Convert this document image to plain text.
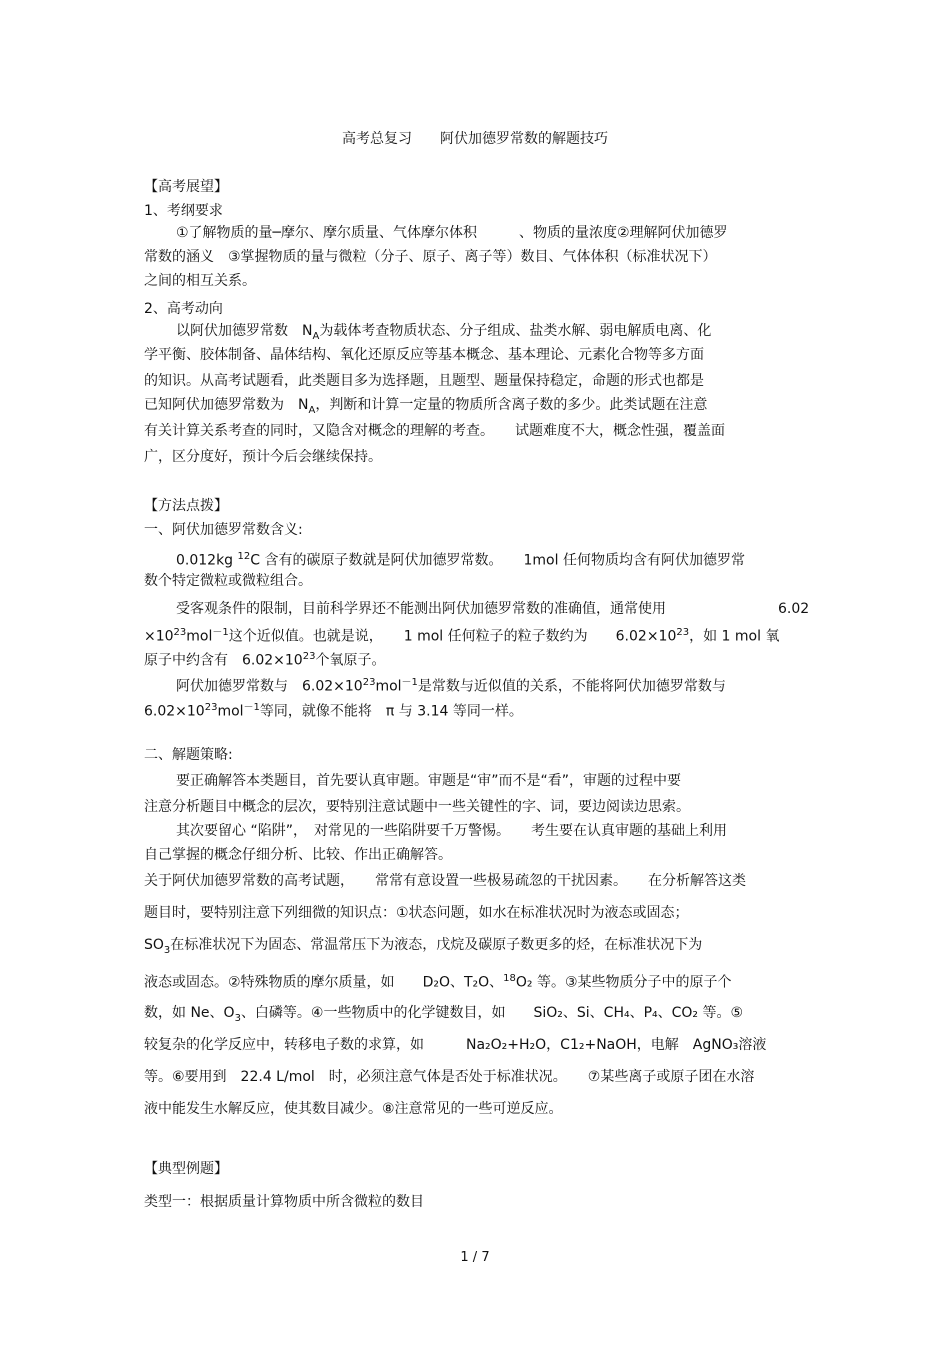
高考总复习　　阿伏加德罗常数的解题技巧
【高考展望】
1、考纲要求
①了解物质的量─摩尔、摩尔质量、气体摩尔体积　　　、物质的量浓度②理解阿伏加德罗
常数的涵义　③掌握物质的量与微粒（分子、原子、离子等）数目、气体体积（标准状况下）
之间的相互关系。
2、高考动向
以阿伏加德罗常数　$N_A$为载体考查物质状态、分子组成、盐类水解、弱电解质电离、化
学平衡、胶体制备、晶体结构、氧化还原反应等基本概念、基本理论、元素化合物等多方面
的知识。从高考试题看，此类题目多为选择题，且题型、题量保持稳定，命题的形式也都是
已知阿伏加德罗常数为　$N_A$，判断和计算一定量的物质所含离子数的多少。此类试题在注意
有关计算关系考查的同时，又隐含对概念的理解的考查。　　试题难度不大，概念性强，覆盖面
广，区分度好，预计今后会继续保持。
【方法点拨】
一、阿伏加德罗常数含义:
0.012kg $^{12}$C 含有的碳原子数就是阿伏加德罗常数。　　1mol 任何物质均含有阿伏加德罗常
数个特定微粒或微粒组合。
受客观条件的限制，目前科学界还不能测出阿伏加德罗常数的准确值，通常使用	6.02
$\times 10^{23}mol^{-1}$这个近似值。也就是说，　　1 mol 任何粒子的粒子数约为　　$6.02\times 10^{23}$，如 1 mol 氧
原子中约含有　 $6.02\times 10^{23}$个氧原子。
阿伏加德罗常数与　 $6.02\times 10^{23}mol^{-1}$是常数与近似值的关系，不能将阿伏加德罗常数与
$6.02\times 10^{23}mol^{-1}$等同，就像不能将　π 与 3.14 等同一样。
二、解题策略:
要正确解答本类题目，首先要认真审题。审题是“审”而不是“看”，审题的过程中要
注意分析题目中概念的层次，要特别注意试题中一些关键性的字、词，要边阅读边思索。
其次要留心 “陷阱”，　对常见的一些陷阱要千万警惕。　　考生要在认真审题的基础上利用
自己掌握的概念仔细分析、比较、作出正确解答。
关于阿伏加德罗常数的高考试题，　　常常有意设置一些极易疏忽的干扰因素。　　在分析解答这类
题目时，要特别注意下列细微的知识点：①状态问题，如水在标准状况时为液态或固态；
$SO_3$在标准状况下为固态、常温常压下为液态，戊烷及碳原子数更多的烃，在标准状况下为
液态或固态。②特殊物质的摩尔质量，如　　 D₂O、T₂O、$^{18}$O₂ 等。③某些物质分子中的原子个
数，如 Ne、$O_3$、白磷等。④一些物质中的化学键数目，如　　SiO₂、Si、CH₄、P₄、CO₂ 等。⑤
较复杂的化学反应中，转移电子数的求算，如　　　	Na₂O₂+H₂O，C1₂+NaOH，电解　AgNO₃溶液
等。⑥要用到　22.4 L/mol　时，必须注意气体是否处于标准状况。　　⑦某些离子或原子团在水溶
液中能发生水解反应，使其数目减少。⑧注意常见的一些可逆反应。
【典型例题】
类型一：根据质量计算物质中所含微粒的数目
1 / 7
